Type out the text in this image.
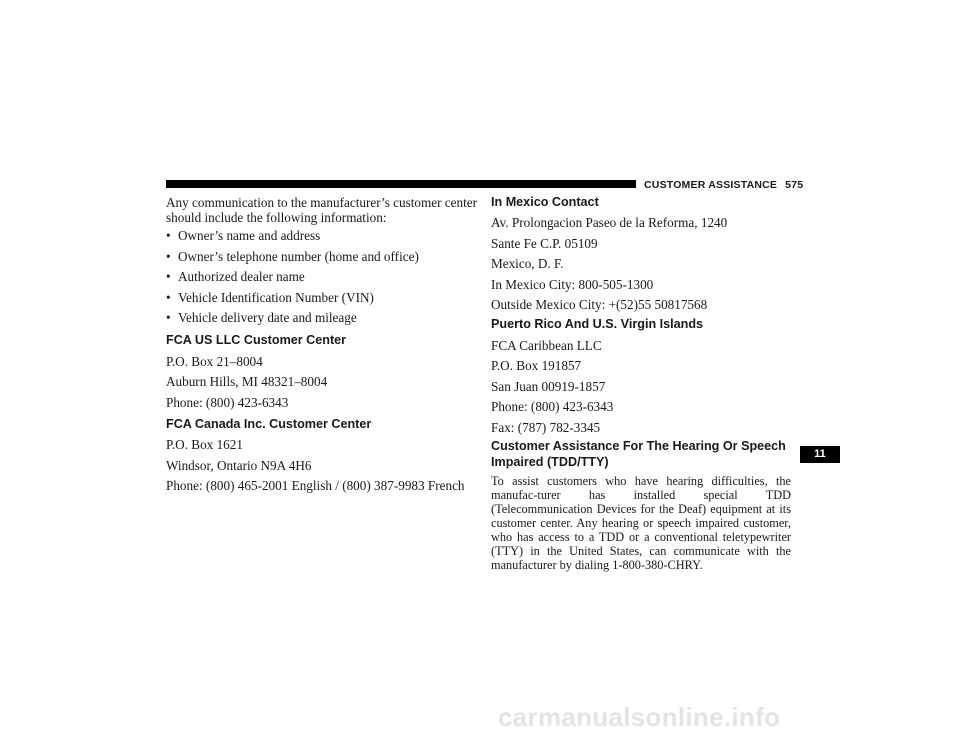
CUSTOMER ASSISTANCE 575
Any communication to the manufacturer’s customer center
should include the following information:
• Owner’s name and address
• Owner’s telephone number (home and office)
• Authorized dealer name
• Vehicle Identification Number (VIN)
• Vehicle delivery date and mileage
FCA US LLC Customer Center
P.O. Box 21–8004
Auburn Hills, MI 48321–8004
Phone: (800) 423-6343
FCA Canada Inc. Customer Center
P.O. Box 1621
Windsor, Ontario N9A 4H6
Phone: (800) 465-2001 English / (800) 387-9983 French
In Mexico Contact
Av. Prolongacion Paseo de la Reforma, 1240
Sante Fe C.P. 05109
Mexico, D. F.
In Mexico City: 800-505-1300
Outside Mexico City: +(52)55 50817568
Puerto Rico And U.S. Virgin Islands
FCA Caribbean LLC
P.O. Box 191857
San Juan 00919-1857
Phone: (800) 423-6343
Fax: (787) 782-3345
Customer Assistance For The Hearing Or Speech
Impaired (TDD/TTY)
To assist customers who have hearing difficulties, the manufac-turer has installed special TDD (Telecommunication Devices for the Deaf) equipment at its customer center. Any hearing or speech impaired customer, who has access to a TDD or a conventional teletypewriter (TTY) in the United States, can communicate with the manufacturer by dialing 1-800-380-CHRY.
11
carmanualsonline.info
